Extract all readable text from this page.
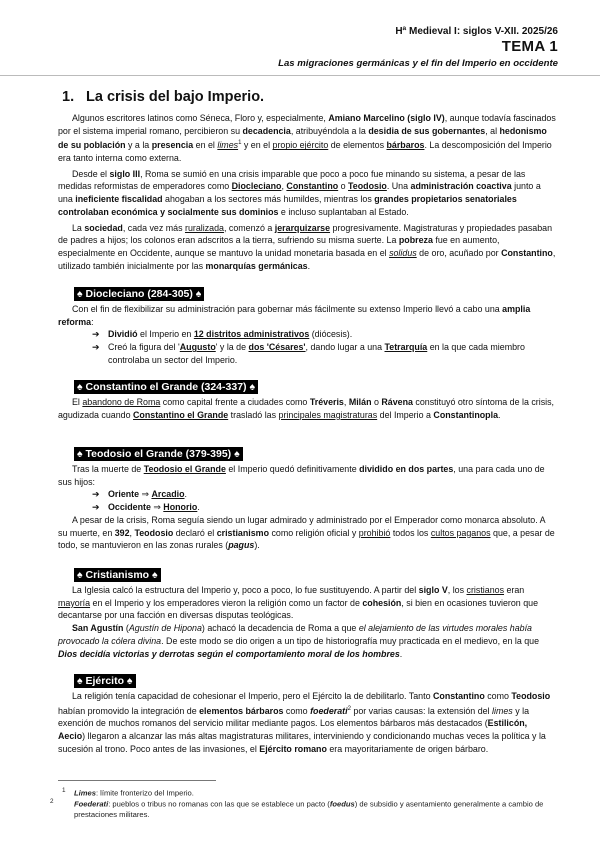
Hª Medieval I: siglos V-XII. 2025/26
TEMA 1
Las migraciones germánicas y el fin del Imperio en occidente
1. La crisis del bajo Imperio.

Algunos escritores latinos como Séneca, Floro y, especialmente, Amiano Marcelino (siglo IV), aunque todavía fascinados por el sistema imperial romano, percibieron su decadencia, atribuyéndola a la desidia de sus gobernantes, al hedonismo de su población y a la presencia en el limes$^1$ y en el propio ejército de elementos bárbaros. La descomposición del Imperio era tanto interna como externa.

Desde el siglo III, Roma se sumió en una crisis imparable que poco a poco fue minando su sistema, a pesar de las medidas reformistas de emperadores como Diocleciano, Constantino o Teodosio. Una administración coactiva junto a una ineficiente fiscalidad ahogaban a los sectores más humildes, mientras los grandes propietarios senatoriales controlaban económica y socialmente sus dominios e incluso suplantaban al Estado.

La sociedad, cada vez más ruralizada, comenzó a jerarquizarse progresivamente. Magistraturas y propiedades pasaban de padres a hijos; los colonos eran adscritos a la tierra, sufriendo su misma suerte. La pobreza fue en aumento, especialmente en Occidente, aunque se mantuvo la unidad monetaria basada en el solidus de oro, acuñado por Constantino, utilizado también inicialmente por las monarquías germánicas.

♠ Diocleciano (284-305) ♠

Con el fin de flexibilizar su administración para gobernar más fácilmente su extenso Imperio llevó a cabo una amplia reforma:

➔ Dividió el Imperio en 12 distritos administrativos (diócesis).

➔ Creó la figura del 'Augusto' y la de dos 'Césares', dando lugar a una Tetrarquía en la que cada miembro controlaba un sector del Imperio.

♠ Constantino el Grande (324-337) ♠

El abandono de Roma como capital frente a ciudades como Tréveris, Milán o Rávena constituyó otro síntoma de la crisis, agudizada cuando Constantino el Grande trasladó las principales magistraturas del Imperio a Constantinopla.

♠ Teodosio el Grande (379-395) ♠

Tras la muerte de Teodosio el Grande el Imperio quedó definitivamente dividido en dos partes, una para cada uno de sus hijos:

➔ Oriente ⇒ Arcadio.

➔ Occidente ⇒ Honorio.

A pesar de la crisis, Roma seguía siendo un lugar admirado y administrado por el Emperador como monarca absoluto. A su muerte, en 392, Teodosio declaró el cristianismo como religión oficial y prohibió todos los cultos paganos que, a pesar de todo, se mantuvieron en las zonas rurales (pagus).

♠ Cristianismo ♠

La Iglesia calcó la estructura del Imperio y, poco a poco, lo fue sustituyendo. A partir del siglo V, los cristianos eran mayoría en el Imperio y los emperadores vieron la religión como un factor de cohesión, si bien en ocasiones tuvieron que decantarse por una facción en diversas disputas teológicas.

San Agustín (Agustín de Hipona) achacó la decadencia de Roma a que el alejamiento de las virtudes morales había provocado la cólera divina. De este modo se dio origen a un tipo de historiografía muy practicada en el medievo, en la que Dios decidía victorias y derrotas según el comportamiento moral de los hombres.

♠ Ejército ♠

La religión tenía capacidad de cohesionar el Imperio, pero el Ejército la de debilitarlo. Tanto Constantino como Teodosio habían promovido la integración de elementos bárbaros como foederati$^2$ por varias causas: la extensión del limes y la exención de muchos romanos del servicio militar mediante pagos. Los elementos bárbaros más destacados (Estilicón, Aecio) llegaron a alcanzar las más altas magistraturas militares, interviniendo y condicionando muchas veces la política y la sucesión al trono. Poco antes de las invasiones, el Ejército romano era mayoritariamente de origen bárbaro.

$^1$ Limes: límite fronterizo del Imperio.
$^2$	Foederati: pueblos o tribus no romanas con las que se establece un pacto (foedus) de subsidio y asentamiento generalmente a cambio de prestaciones militares.
